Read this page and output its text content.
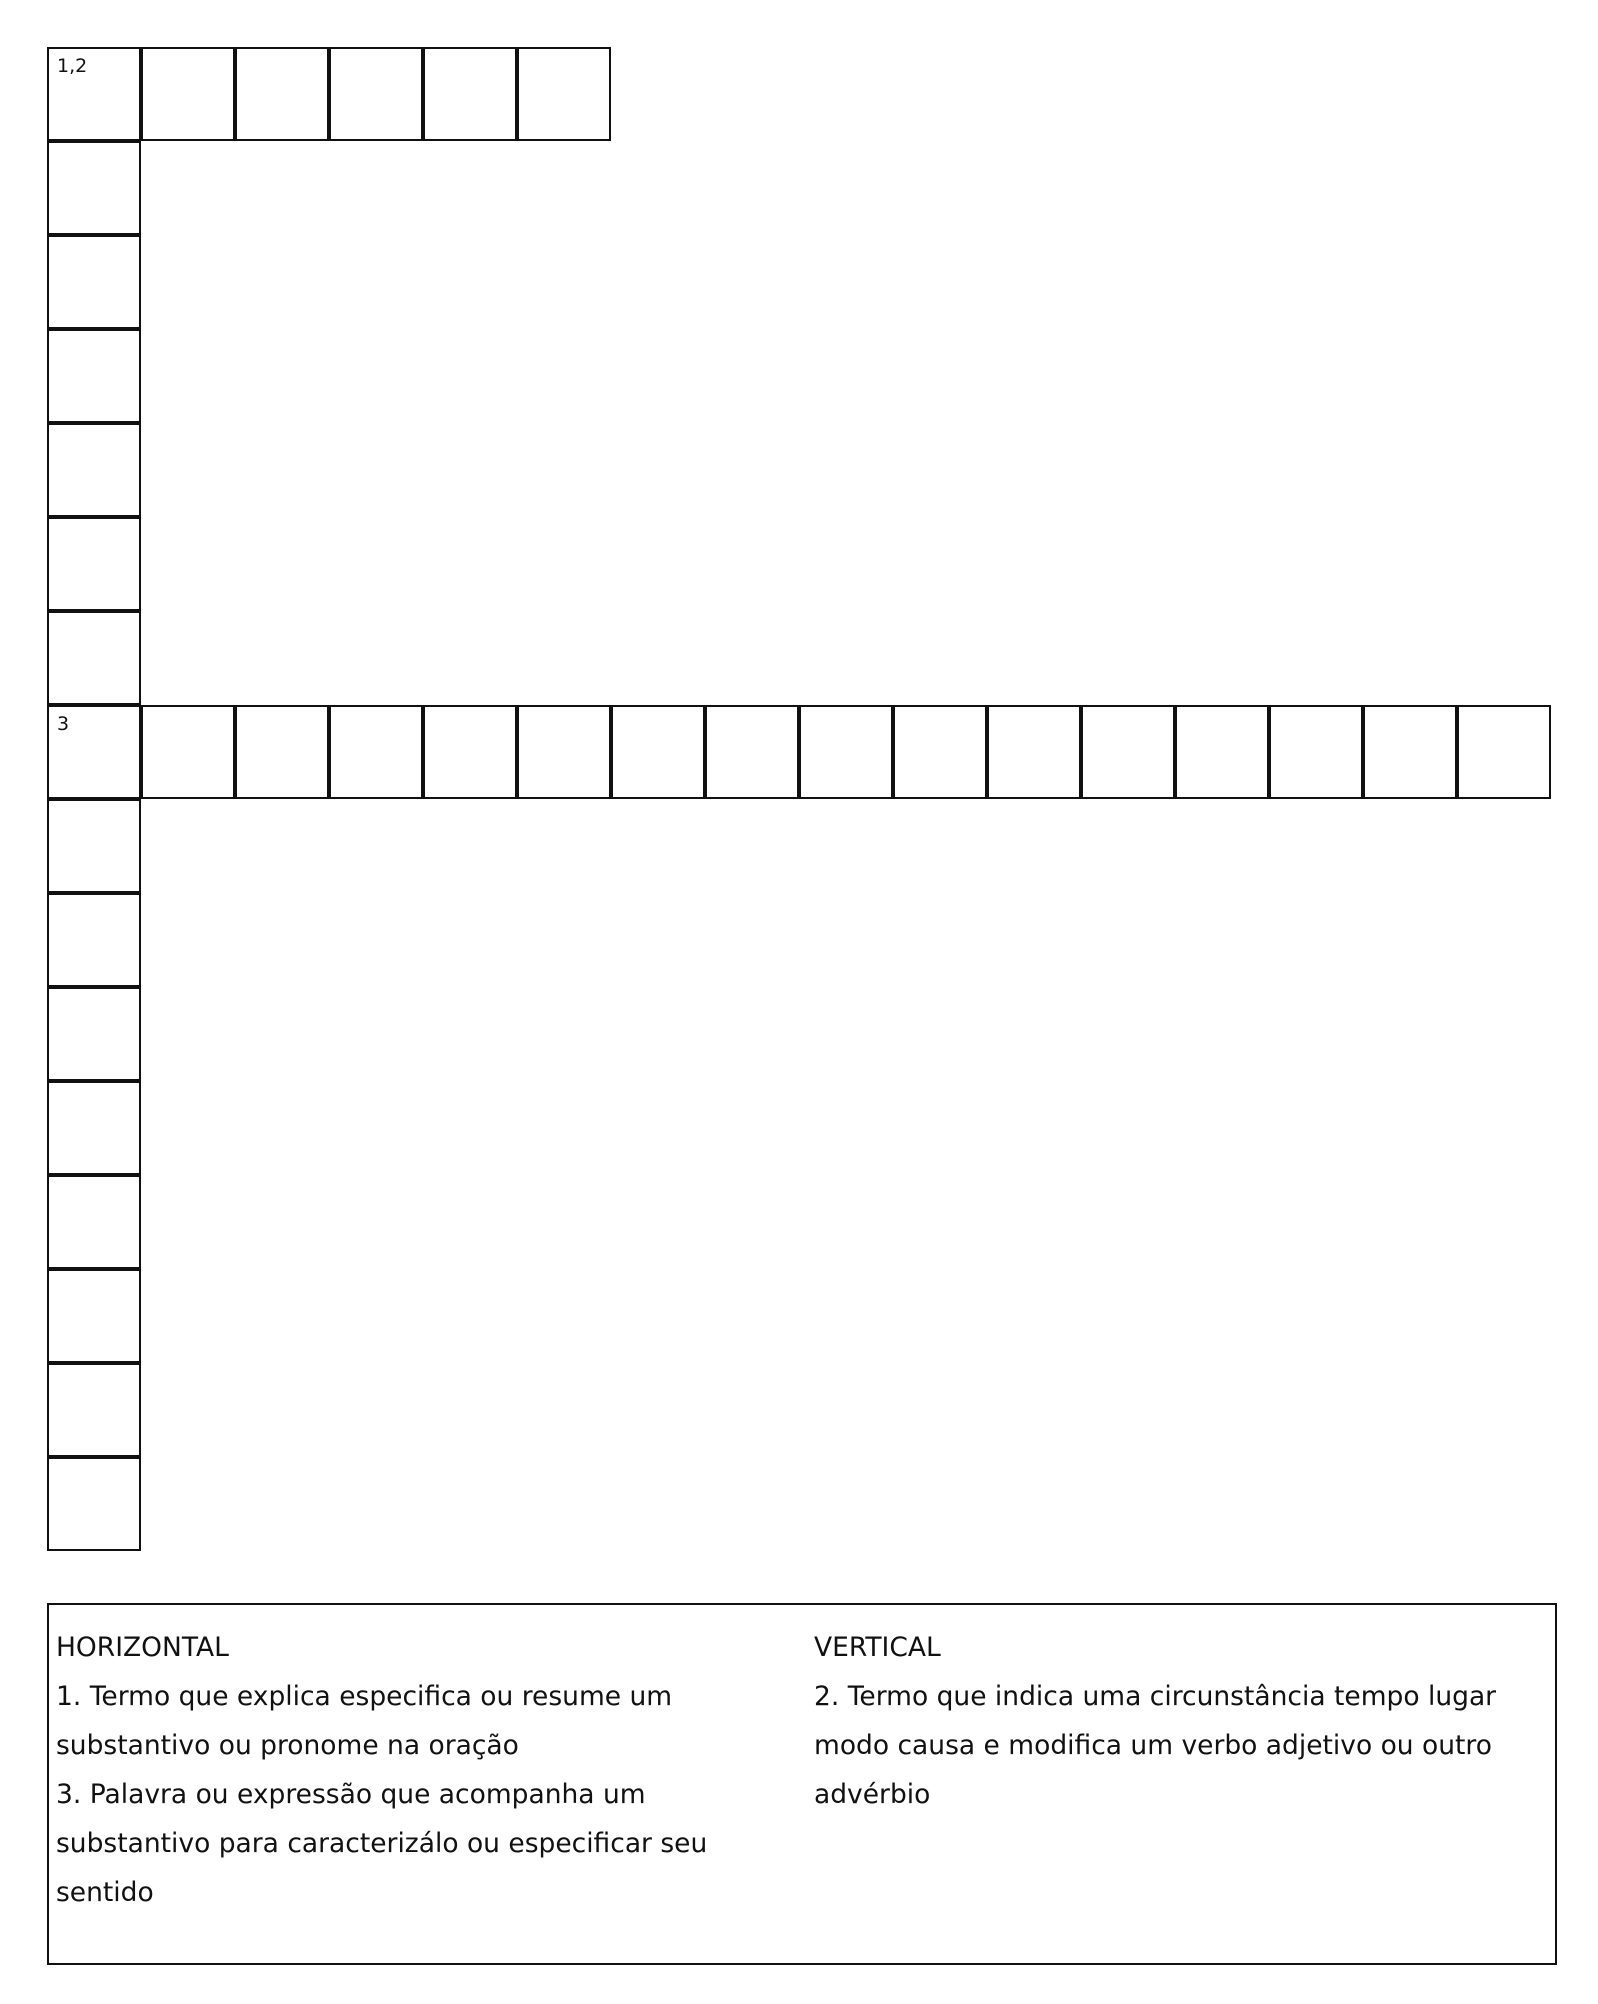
1,2
3
HORIZONTAL
1. Termo que explica especifica ou resume um substantivo ou pronome na oração
3. Palavra ou expressão que acompanha um substantivo para caracterizálo ou especificar seu sentido
VERTICAL
2. Termo que indica uma circunstância tempo lugar modo causa e modifica um verbo adjetivo ou outro advérbio
